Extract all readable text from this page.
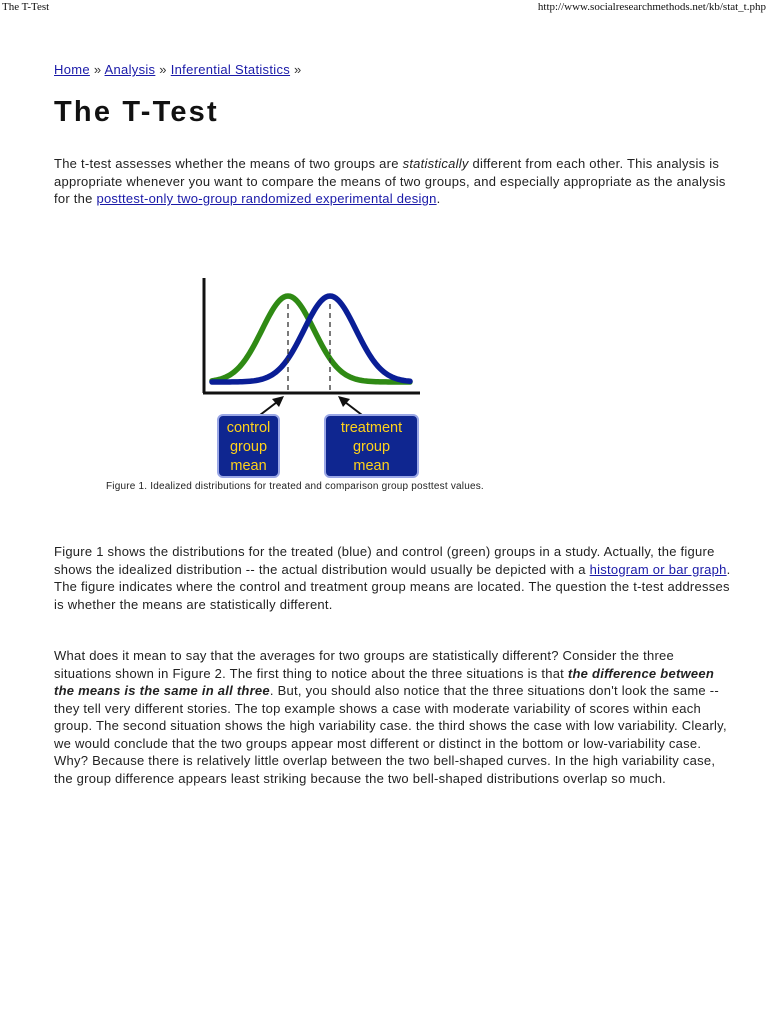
The T-Test	http://www.socialresearchmethods.net/kb/stat_t.php
Home » Analysis » Inferential Statistics »
The T-Test

The t-test assesses whether the means of two groups are statistically different from each other. This analysis is appropriate whenever you want to compare the means of two groups, and especially appropriate as the analysis for the posttest-only two-group randomized experimental design.

control
group
mean
treatment
group
mean

Figure 1. Idealized distributions for treated and comparison group posttest values.

Figure 1 shows the distributions for the treated (blue) and control (green) groups in a study. Actually, the figure shows the idealized distribution -- the actual distribution would usually be depicted with a histogram or bar graph. The figure indicates where the control and treatment group means are located. The question the t-test addresses is whether the means are statistically different.

What does it mean to say that the averages for two groups are statistically different? Consider the three situations shown in Figure 2. The first thing to notice about the three situations is that the difference between the means is the same in all three. But, you should also notice that the three situations don't look the same -- they tell very different stories. The top example shows a case with moderate variability of scores within each group. The second situation shows the high variability case. the third shows the case with low variability. Clearly, we would conclude that the two groups appear most different or distinct in the bottom or low-variability case. Why? Because there is relatively little overlap between the two bell-shaped curves. In the high variability case, the group difference appears least striking because the two bell-shaped distributions overlap so much.
